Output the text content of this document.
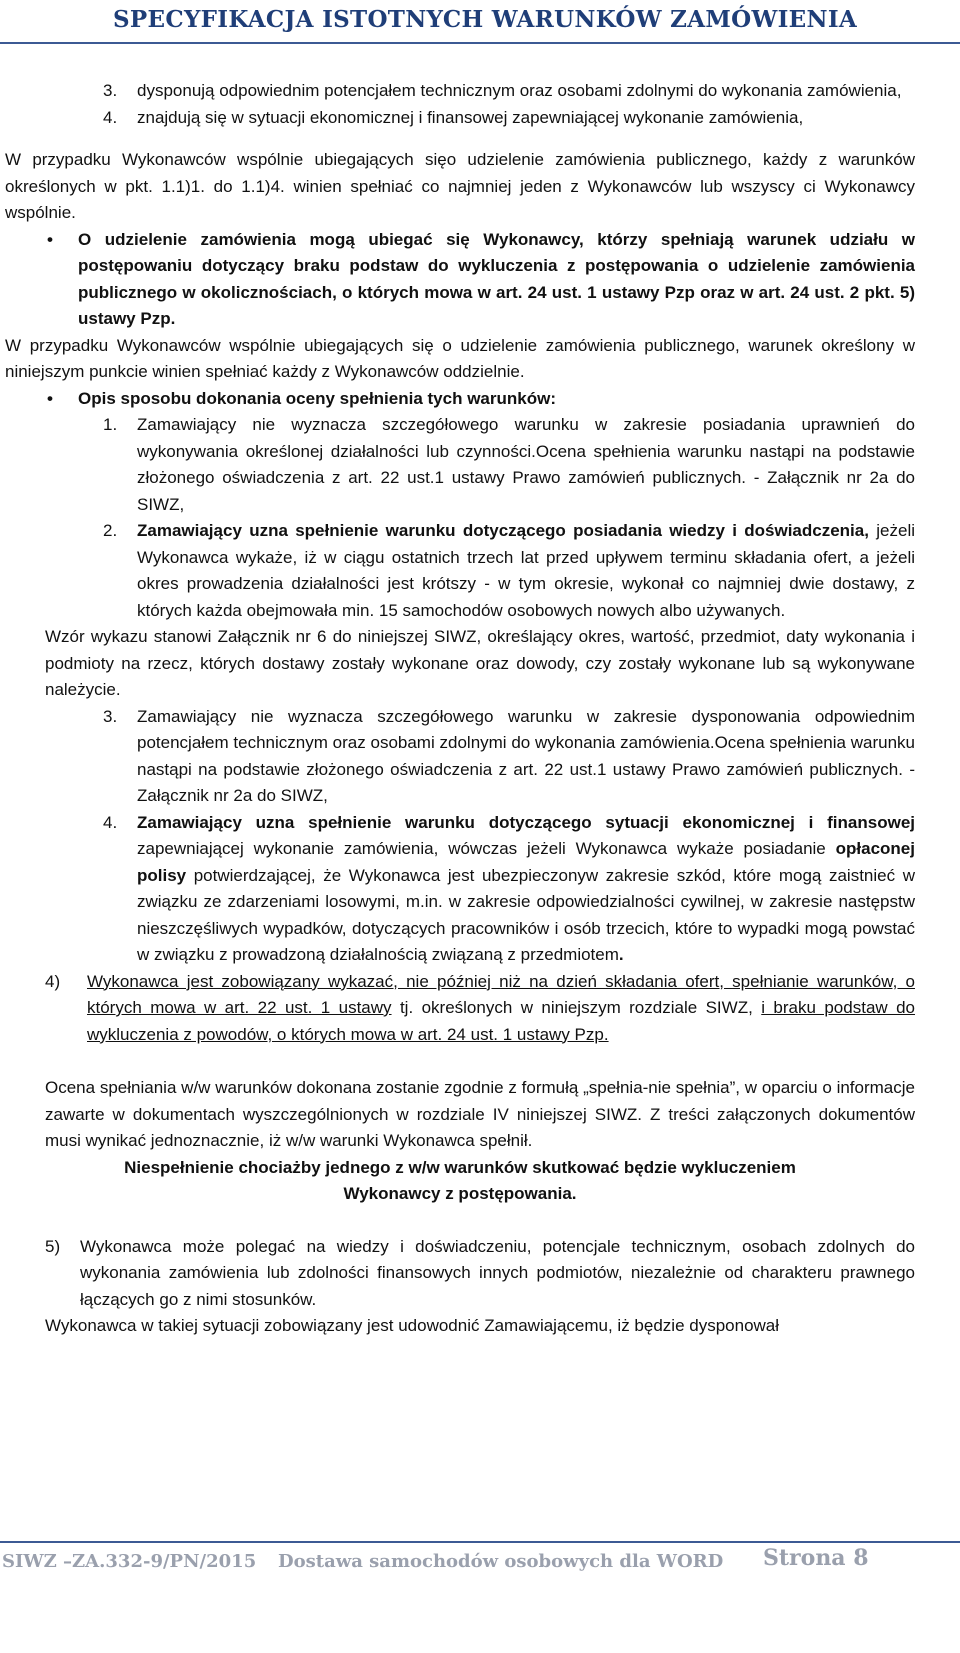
SPECYFIKACJA ISTOTNYCH WARUNKÓW ZAMÓWIENIA

3. dysponują odpowiednim potencjałem technicznym oraz osobami zdolnymi do wykonania zamówienia,

4. znajdują się w sytuacji ekonomicznej i finansowej zapewniającej wykonanie zamówienia,

W przypadku Wykonawców wspólnie ubiegających sięo udzielenie zamówienia publicznego, każdy z warunków określonych w pkt. 1.1)1. do 1.1)4. winien spełniać co najmniej jeden z Wykonawców lub wszyscy ci Wykonawcy wspólnie.

• O udzielenie zamówienia mogą ubiegać się Wykonawcy, którzy spełniają warunek udziału w postępowaniu dotyczący braku podstaw do wykluczenia z postępowania o udzielenie zamówienia publicznego w okolicznościach, o których mowa w art. 24 ust. 1 ustawy Pzp oraz w art. 24 ust. 2 pkt. 5) ustawy Pzp.

W przypadku Wykonawców wspólnie ubiegających się o udzielenie zamówienia publicznego, warunek określony w niniejszym punkcie winien spełniać każdy z Wykonawców oddzielnie.

• Opis sposobu dokonania oceny spełnienia tych warunków:

1. Zamawiający nie wyznacza szczegółowego warunku w zakresie posiadania uprawnień do wykonywania określonej działalności lub czynności.Ocena spełnienia warunku nastąpi na podstawie złożonego oświadczenia z art. 22 ust.1 ustawy Prawo zamówień publicznych. - Załącznik nr 2a do SIWZ,

2. Zamawiający uzna spełnienie warunku dotyczącego posiadania wiedzy i doświadczenia, jeżeli Wykonawca wykaże, iż w ciągu ostatnich trzech lat przed upływem terminu składania ofert, a jeżeli okres prowadzenia działalności jest krótszy - w tym okresie, wykonał co najmniej dwie dostawy, z których każda obejmowała min. 15 samochodów osobowych nowych albo używanych.

Wzór wykazu stanowi Załącznik nr 6 do niniejszej SIWZ, określający okres, wartość, przedmiot, daty wykonania i podmioty na rzecz, których dostawy zostały wykonane oraz dowody, czy zostały wykonane lub są wykonywane należycie.

3. Zamawiający nie wyznacza szczegółowego warunku w zakresie dysponowania odpowiednim potencjałem technicznym oraz osobami zdolnymi do wykonania zamówienia.Ocena spełnienia warunku nastąpi na podstawie złożonego oświadczenia z art. 22 ust.1 ustawy Prawo zamówień publicznych. - Załącznik nr 2a do SIWZ,

4. Zamawiający uzna spełnienie warunku dotyczącego sytuacji ekonomicznej i finansowej zapewniającej wykonanie zamówienia, wówczas jeżeli Wykonawca wykaże posiadanie opłaconej polisy potwierdzającej, że Wykonawca jest ubezpieczonyw zakresie szkód, które mogą zaistnieć w związku ze zdarzeniami losowymi, m.in. w zakresie odpowiedzialności cywilnej, w zakresie następstw nieszczęśliwych wypadków, dotyczących pracowników i osób trzecich, które to wypadki mogą powstać w związku z prowadzoną działalnością związaną z przedmiotem.

4) Wykonawca jest zobowiązany wykazać, nie później niż na dzień składania ofert, spełnianie warunków, o których mowa w art. 22 ust. 1 ustawy tj. określonych w niniejszym rozdziale SIWZ, i braku podstaw do wykluczenia z powodów, o których mowa w art. 24 ust. 1 ustawy Pzp.

Ocena spełniania w/w warunków dokonana zostanie zgodnie z formułą „spełnia-nie spełnia”, w oparciu o informacje zawarte w dokumentach wyszczególnionych w rozdziale IV niniejszej SIWZ. Z treści załączonych dokumentów musi wynikać jednoznacznie, iż w/w warunki Wykonawca spełnił.

Niespełnienie chociażby jednego z w/w warunków skutkować będzie wykluczeniem

Wykonawcy z postępowania.

5) Wykonawca może polegać na wiedzy i doświadczeniu, potencjale technicznym, osobach zdolnych do wykonania zamówienia lub zdolności finansowych innych podmiotów, niezależnie od charakteru prawnego łączących go z nimi stosunków.

Wykonawca w takiej sytuacji zobowiązany jest udowodnić Zamawiającemu, iż będzie dysponował

SIWZ –ZA.332-9/PN/2015 Dostawa samochodów osobowych dla WORD Strona 8
